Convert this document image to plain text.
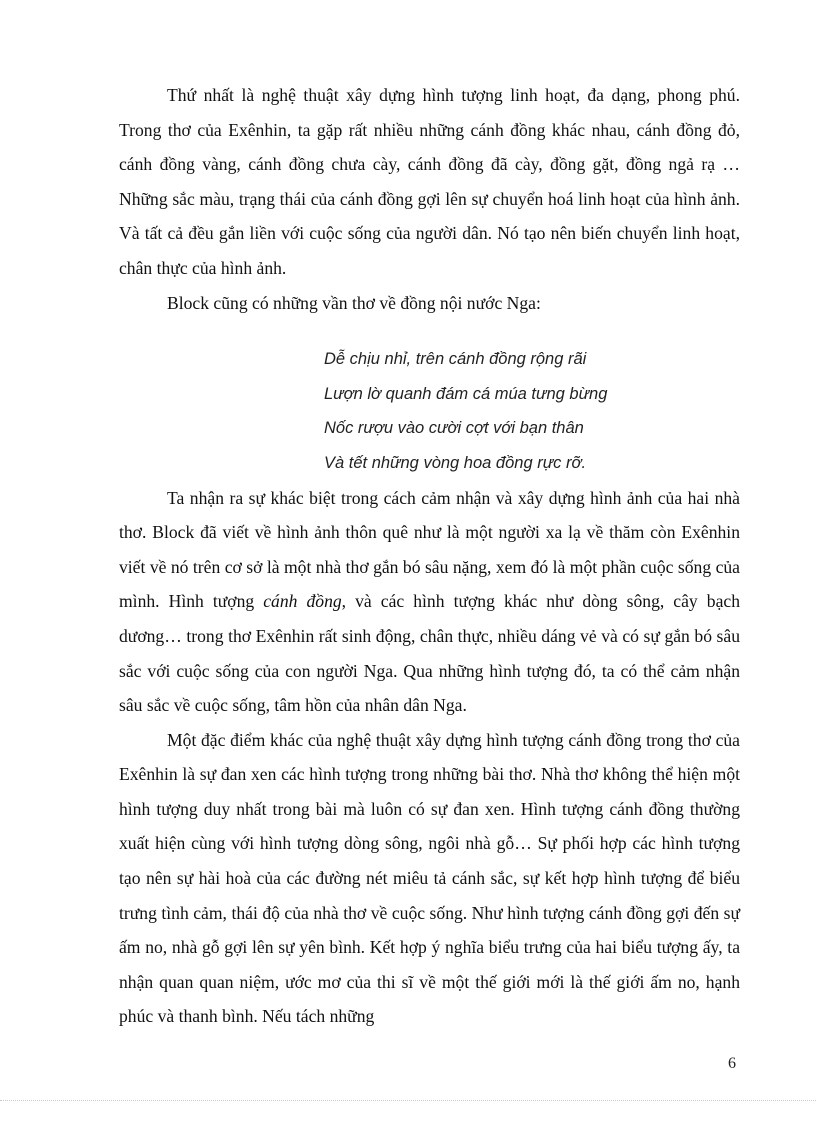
Thứ nhất là nghệ thuật xây dựng hình tượng linh hoạt, đa dạng, phong phú. Trong thơ của Exênhin, ta gặp rất nhiều những cánh đồng khác nhau, cánh đồng đỏ, cánh đồng vàng, cánh đồng chưa cày, cánh đồng đã cày, đồng gặt, đồng ngả rạ … Những sắc màu, trạng thái của cánh đồng gợi lên sự chuyển hoá linh hoạt của hình ảnh. Và tất cả đều gắn liền với cuộc sống của người dân. Nó tạo nên biến chuyển linh hoạt, chân thực của hình ảnh.

Block cũng có những vần thơ về đồng nội nước Nga:

Dễ chịu nhỉ, trên cánh đồng rộng rãi
Lượn lờ quanh đám cá múa tưng bừng
Nốc rượu vào cười cợt với bạn thân
Và tết những vòng hoa đồng rực rỡ.

Ta nhận ra sự khác biệt trong cách cảm nhận và xây dựng hình ảnh của hai nhà thơ. Block đã viết về hình ảnh thôn quê như là một người xa lạ về thăm còn Exênhin viết về nó trên cơ sở là một nhà thơ gắn bó sâu nặng, xem đó là một phần cuộc sống của mình. Hình tượng cánh đồng, và các hình tượng khác như dòng sông, cây bạch dương… trong thơ Exênhin rất sinh động, chân thực, nhiều dáng vẻ và có sự gắn bó sâu sắc với cuộc sống của con người Nga. Qua những hình tượng đó, ta có thể cảm nhận sâu sắc về cuộc sống, tâm hồn của nhân dân Nga.

Một đặc điểm khác của nghệ thuật xây dựng hình tượng cánh đồng trong thơ của Exênhin là sự đan xen các hình tượng trong những bài thơ. Nhà thơ không thể hiện một hình tượng duy nhất trong bài mà luôn có sự đan xen. Hình tượng cánh đồng thường xuất hiện cùng với hình tượng dòng sông, ngôi nhà gỗ… Sự phối hợp các hình tượng tạo nên sự hài hoà của các đường nét miêu tả cánh sắc, sự kết hợp hình tượng để biểu trưng tình cảm, thái độ của nhà thơ về cuộc sống. Như hình tượng cánh đồng gợi đến sự ấm no, nhà gỗ gợi lên sự yên bình. Kết hợp ý nghĩa biểu trưng của hai biểu tượng ấy, ta nhận quan quan niệm, ước mơ của thi sĩ về một thế giới mới là thế giới ấm no, hạnh phúc và thanh bình. Nếu tách những

6
